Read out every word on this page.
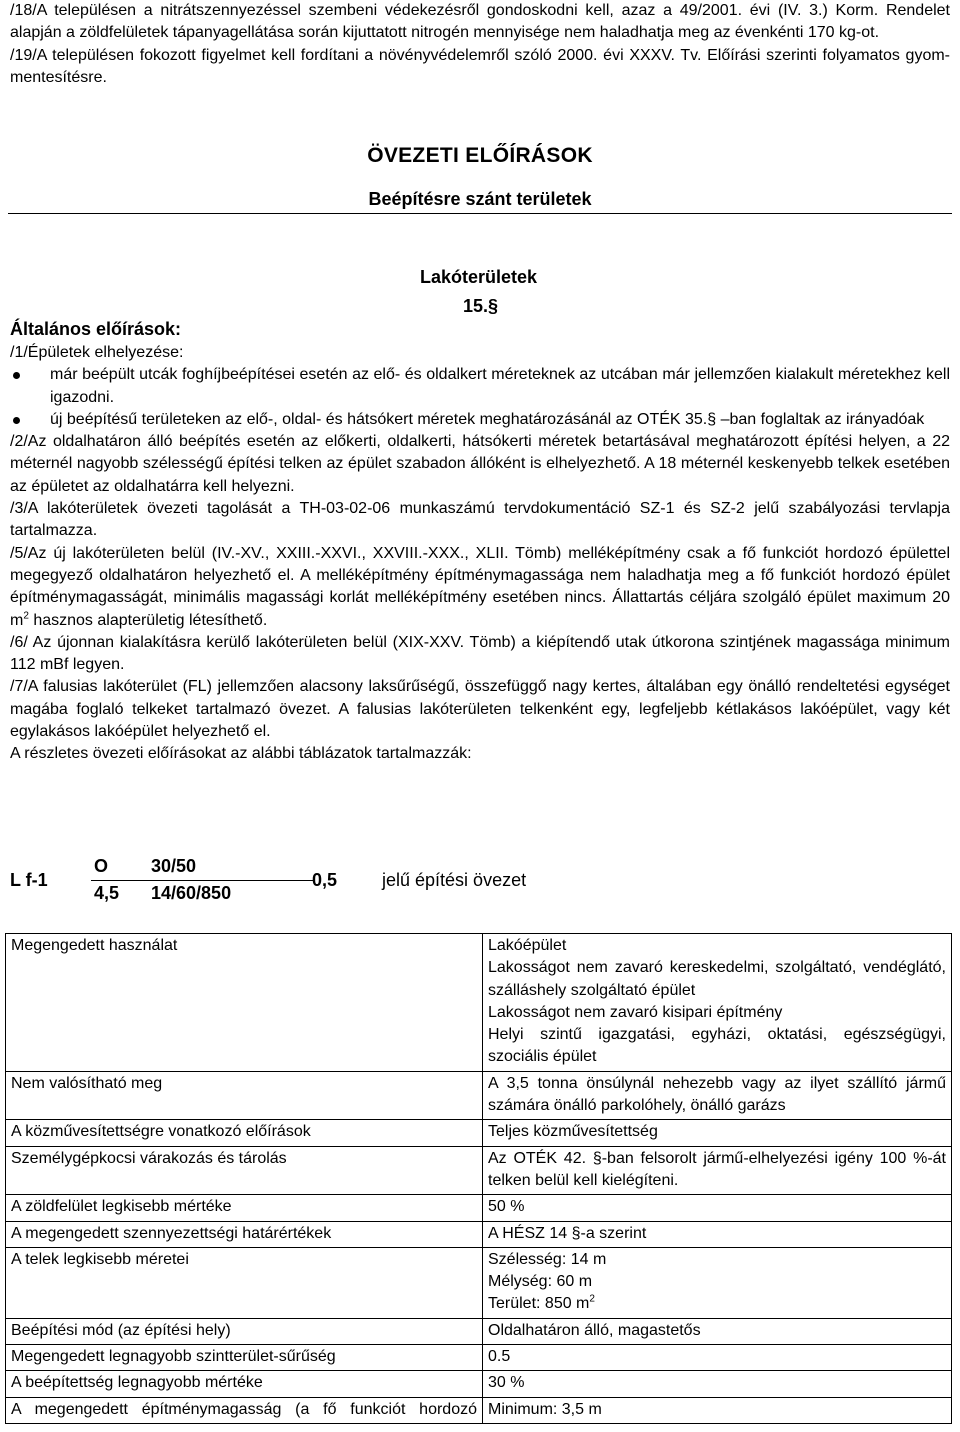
/18/A településen a nitrátszennyezéssel szembeni védekezésről gondoskodni kell, azaz a 49/2001. évi (IV. 3.) Korm. Rendelet alapján a zöldfelületek tápanyagellátása során kijuttatott nitrogén mennyisége nem haladhatja meg az évenkénti 170 kg-ot.

/19/A településen fokozott figyelmet kell fordítani a növényvédelemről szóló 2000. évi XXXV. Tv. Előírási szerinti folyamatos gyom-mentesítésre.

ÖVEZETI ELŐÍRÁSOK
Beépítésre szánt területek
Lakóterületek
15.§
Általános előírások:

/1/Épületek elhelyezése:

már beépült utcák foghíjbeépítései esetén az elő- és oldalkert méreteknek az utcában már jellemzően kialakult méretekhez kell igazodni.
új beépítésű területeken az elő-, oldal- és hátsókert méretek meghatározásánál az OTÉK 35.§ –ban foglaltak az irányadóak

/2/Az oldalhatáron álló beépítés esetén az előkerti, oldalkerti, hátsókerti méretek betartásával meghatározott építési helyen, a 22 méternél nagyobb szélességű építési telken az épület szabadon állóként is elhelyezhető. A 18 méternél keskenyebb telkek esetében az épületet az oldalhatárra kell helyezni.

/3/A lakóterületek övezeti tagolását a TH-03-02-06 munkaszámú tervdokumentáció SZ-1 és SZ-2 jelű szabályozási tervlapja tartalmazza.

/5/Az új lakóterületen belül (IV.-XV., XXIII.-XXVI., XXVIII.-XXX., XLII. Tömb) melléképítmény csak a fő funkciót hordozó épülettel megegyező oldalhatáron helyezhető el. A melléképítmény építménymagassága nem haladhatja meg a fő funkciót hordozó épület építménymagasságát, minimális magassági korlát melléképítmény esetében nincs. Állattartás céljára szolgáló épület maximum 20 $m^2$ hasznos alapterületig létesíthető.

/6/ Az újonnan kialakításra kerülő lakóterületen belül (XIX-XXV. Tömb) a kiépítendő utak útkorona szintjének magassága minimum 112 mBf legyen.

/7/A falusias lakóterület (FL) jellemzően alacsony laksűrűségű, összefüggő nagy kertes, általában egy önálló rendeltetési egységet magába foglaló telkeket tartalmazó övezet. A falusias lakóterületen telkenként egy, legfeljebb kétlakásos lakóépület, vagy két egylakásos lakóépület helyezhető el.

A részletes övezeti előírásokat az alábbi táblázatok tartalmazzák:

L f-1
O 30/50
4,5 14/60/850
0,5 jelű építési övezet
Megengedett használat	Lakóépület
Lakosságot nem zavaró kereskedelmi, szolgáltató, vendéglátó, szálláshely szolgáltató épület
Lakosságot nem zavaró kisipari építmény
Helyi szintű igazgatási, egyházi, oktatási, egészségügyi, szociális épület

Nem valósítható meg	A 3,5 tonna önsúlynál nehezebb vagy az ilyet szállító jármű számára önálló parkolóhely, önálló garázs
A közművesítettségre vonatkozó előírások	Teljes közművesítettség
Személygépkocsi várakozás és tárolás	Az OTÉK 42. §-ban felsorolt jármű-elhelyezési igény 100 %-át telken belül kell kielégíteni.
A zöldfelület legkisebb mértéke	50 %
A megengedett szennyezettségi határértékek	A HÉSZ 14 §-a szerint
A telek legkisebb méretei	Szélesség: 14 m
Mélység: 60 m
Terület: 850 $m^2$

Beépítési mód (az építési hely)	Oldalhatáron álló, magastetős
Megengedett legnagyobb szintterület-sűrűség	0.5
A beépítettség legnagyobb mértéke	30 %
A megengedett építménymagasság (a fő funkciót hordozó	Minimum: 3,5 m
